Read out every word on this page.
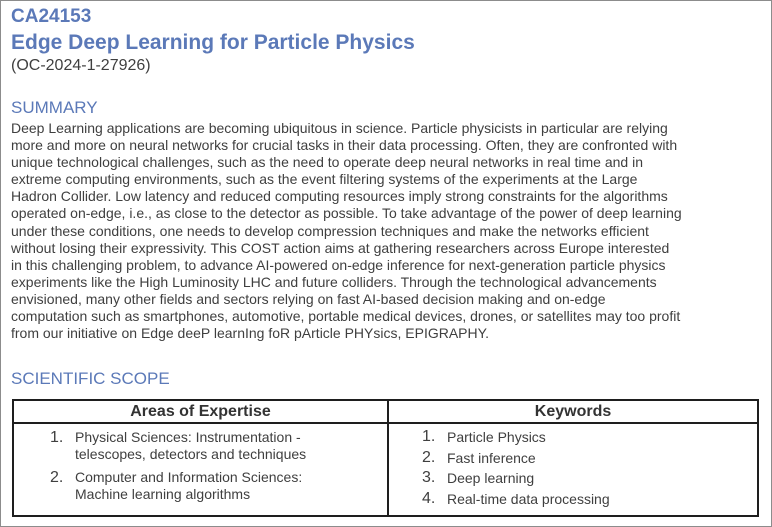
CA24153
Edge Deep Learning for Particle Physics
(OC-2024-1-27926)
SUMMARY
Deep Learning applications are becoming ubiquitous in science. Particle physicists in particular are relying
more and more on neural networks for crucial tasks in their data processing. Often, they are confronted with
unique technological challenges, such as the need to operate deep neural networks in real time and in
extreme computing environments, such as the event filtering systems of the experiments at the Large
Hadron Collider. Low latency and reduced computing resources imply strong constraints for the algorithms
operated on-edge, i.e., as close to the detector as possible. To take advantage of the power of deep learning
under these conditions, one needs to develop compression techniques and make the networks efficient
without losing their expressivity. This COST action aims at gathering researchers across Europe interested
in this challenging problem, to advance AI-powered on-edge inference for next-generation particle physics
experiments like the High Luminosity LHC and future colliders. Through the technological advancements
envisioned, many other fields and sectors relying on fast AI-based decision making and on-edge
computation such as smartphones, automotive, portable medical devices, drones, or satellites may too profit
from our initiative on Edge deeP learnIng foR pArticle PHYsics, EPIGRAPHY.
SCIENTIFIC SCOPE
Areas of Expertise
1. Physical Sciences: Instrumentation -
telescopes, detectors and techniques
2. Computer and Information Sciences:
Machine learning algorithms
Keywords
1. Particle Physics
2. Fast inference
3. Deep learning
4. Real-time data processing
